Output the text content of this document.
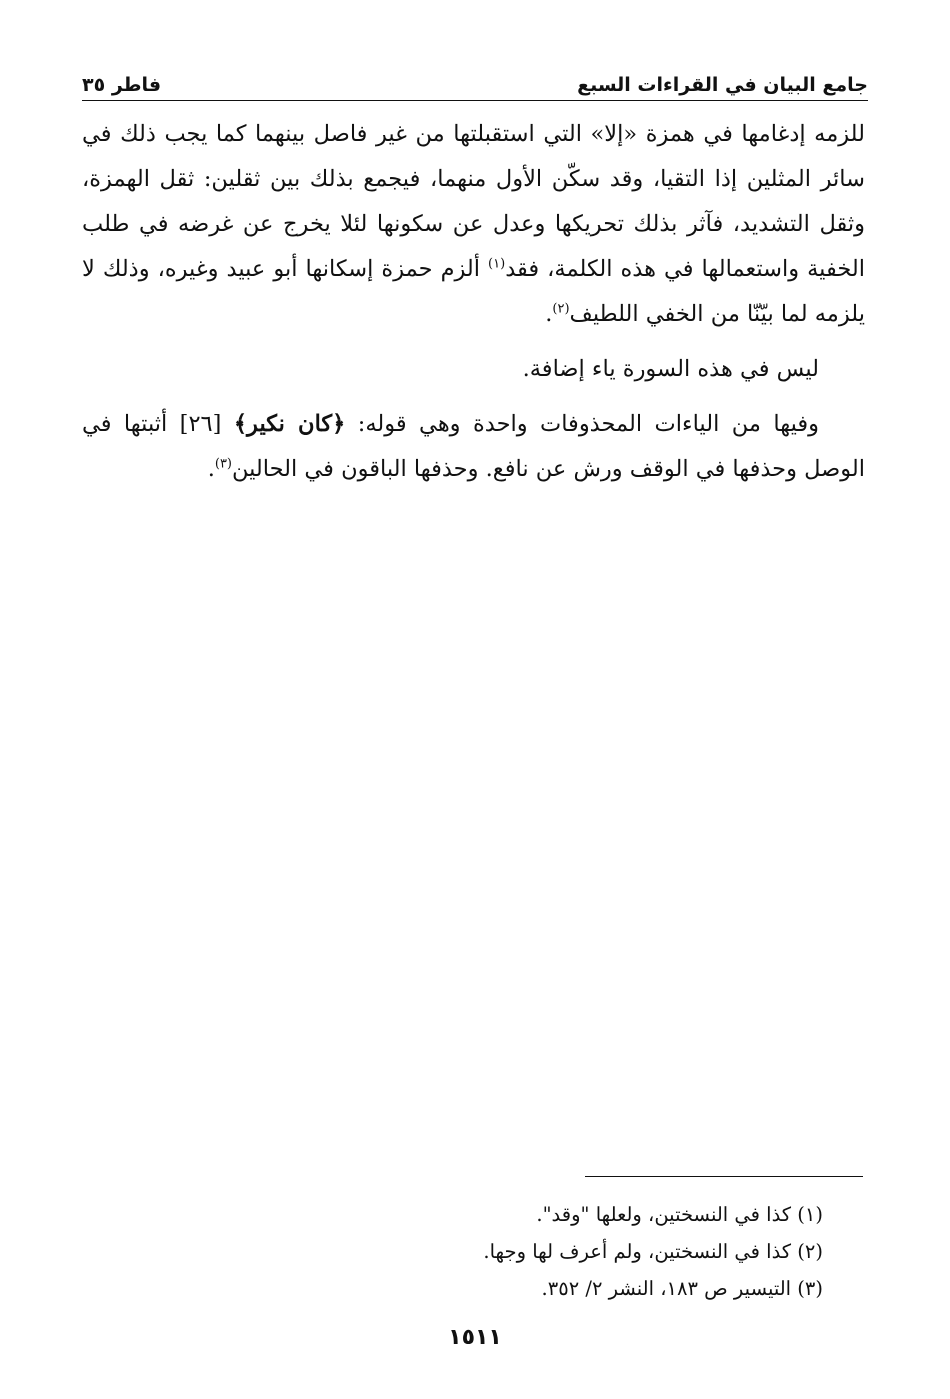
جامع البيان في القراءات السبع
فاطر ٣٥

للزمه إدغامها في همزة «إلا» التي استقبلتها من غير فاصل بينهما كما يجب ذلك في سائر المثلين إذا التقيا، وقد سكّن الأول منهما، فيجمع بذلك بين ثقلين: ثقل الهمزة، وثقل التشديد، فآثر بذلك تحريكها وعدل عن سكونها لئلا يخرج عن غرضه في طلب الخفية واستعمالها في هذه الكلمة، فقد$^{(١)}$ ألزم حمزة إسكانها أبو عبيد وغيره، وذلك لا يلزمه لما بيّنّا من الخفي اللطيف$^{(٢)}$.

ليس في هذه السورة ياء إضافة.

وفيها من الياءات المحذوفات واحدة وهي قوله: ﴿كان نكير﴾ [٢٦] أثبتها في الوصل وحذفها في الوقف ورش عن نافع. وحذفها الباقون في الحالين$^{(٣)}$.

(١) كذا في النسختين، ولعلها "وقد".

(٢) كذا في النسختين، ولم أعرف لها وجها.

(٣) التيسير ص ١٨٣، النشر ٢/ ٣٥٢.

١٥١١
